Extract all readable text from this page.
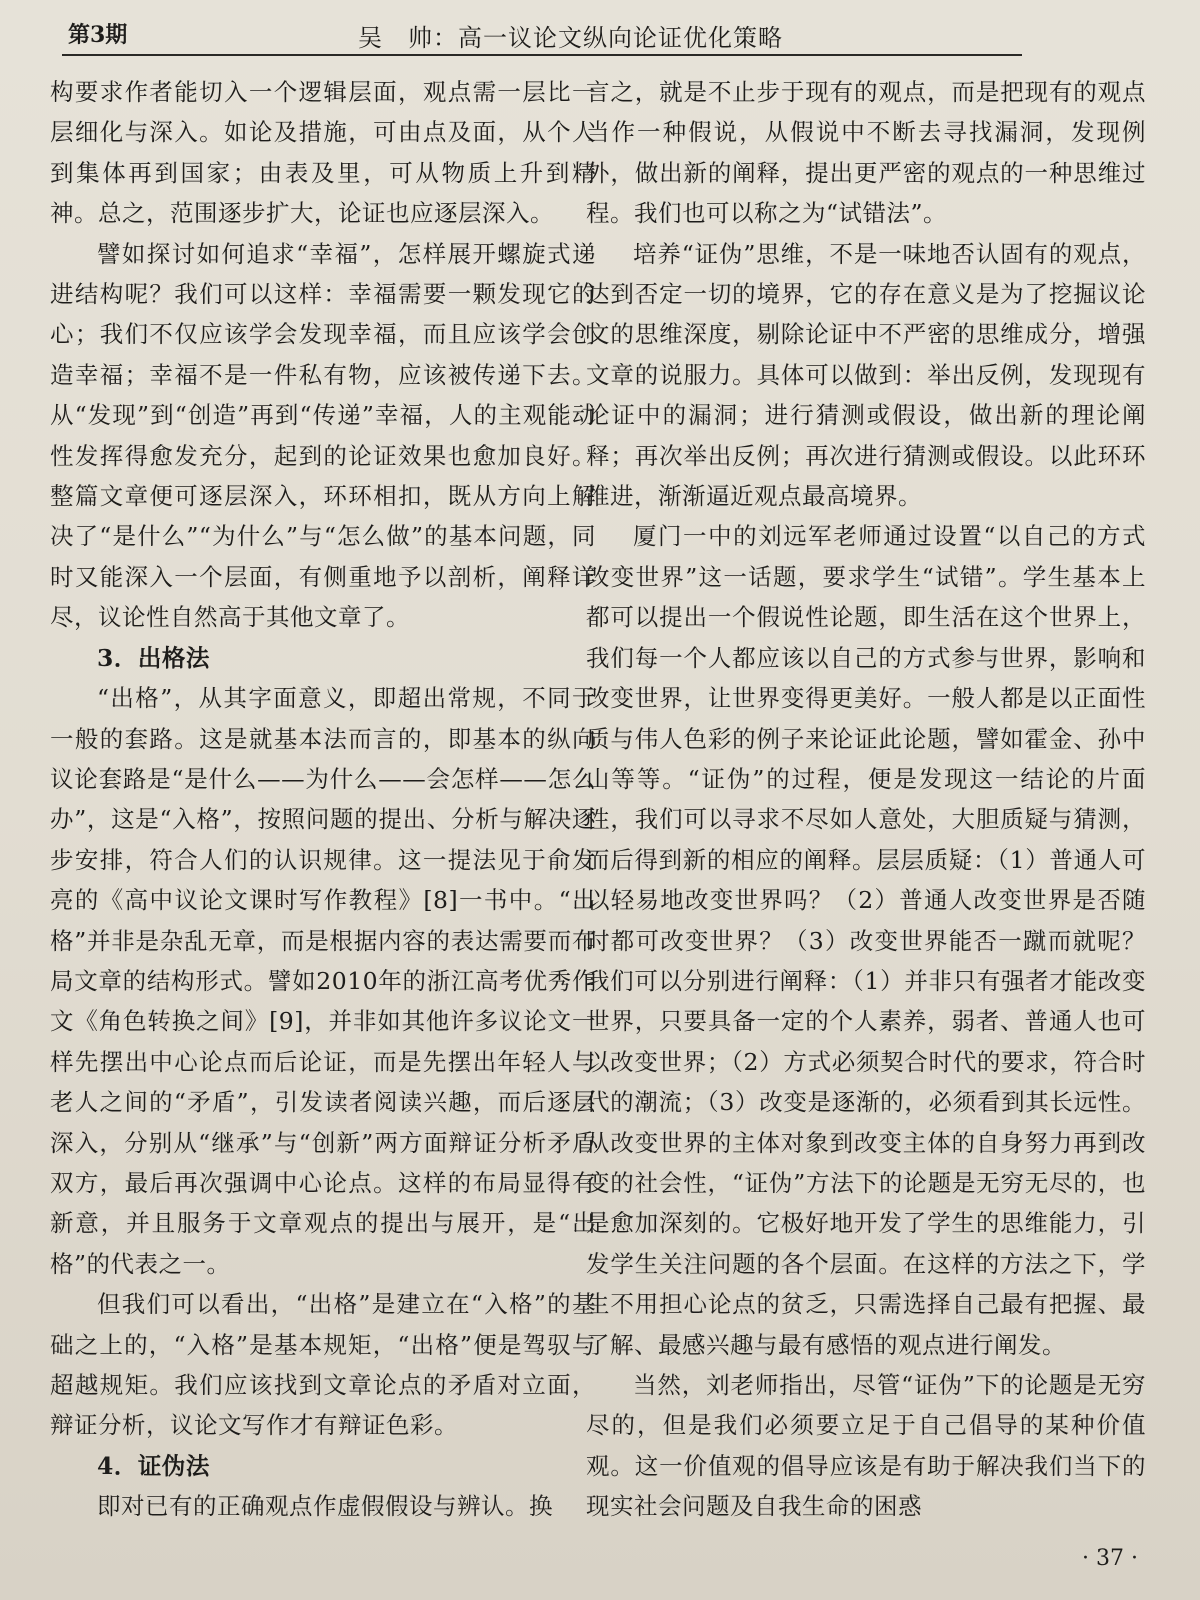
第3期	吴　帅：高一议论文纵向论证优化策略

构要求作者能切入一个逻辑层面，观点需一层比一层细化与深入。如论及措施，可由点及面，从个人到集体再到国家；由表及里，可从物质上升到精神。总之，范围逐步扩大，论证也应逐层深入。

譬如探讨如何追求“幸福”，怎样展开螺旋式递进结构呢？我们可以这样：幸福需要一颗发现它的心；我们不仅应该学会发现幸福，而且应该学会创造幸福；幸福不是一件私有物，应该被传递下去。从“发现”到“创造”再到“传递”幸福，人的主观能动性发挥得愈发充分，起到的论证效果也愈加良好。整篇文章便可逐层深入，环环相扣，既从方向上解决了“是什么”“为什么”与“怎么做”的基本问题，同时又能深入一个层面，有侧重地予以剖析，阐释详尽，议论性自然高于其他文章了。

3．出格法

“出格”，从其字面意义，即超出常规，不同于一般的套路。这是就基本法而言的，即基本的纵向议论套路是“是什么——为什么——会怎样——怎么办”，这是“入格”，按照问题的提出、分析与解决逐步安排，符合人们的认识规律。这一提法见于俞发亮的《高中议论文课时写作教程》[8]一书中。“出格”并非是杂乱无章，而是根据内容的表达需要而布局文章的结构形式。譬如2010年的浙江高考优秀作文《角色转换之间》[9]，并非如其他许多议论文一样先摆出中心论点而后论证，而是先摆出年轻人与老人之间的“矛盾”，引发读者阅读兴趣，而后逐层深入，分别从“继承”与“创新”两方面辩证分析矛盾双方，最后再次强调中心论点。这样的布局显得有新意，并且服务于文章观点的提出与展开，是“出格”的代表之一。

但我们可以看出，“出格”是建立在“入格”的基础之上的，“入格”是基本规矩，“出格”便是驾驭与超越规矩。我们应该找到文章论点的矛盾对立面，辩证分析，议论文写作才有辩证色彩。

4．证伪法

即对已有的正确观点作虚假假设与辨认。换

言之，就是不止步于现有的观点，而是把现有的观点当作一种假说，从假说中不断去寻找漏洞，发现例外，做出新的阐释，提出更严密的观点的一种思维过程。我们也可以称之为“试错法”。

培养“证伪”思维，不是一味地否认固有的观点，达到否定一切的境界，它的存在意义是为了挖掘议论文的思维深度，剔除论证中不严密的思维成分，增强文章的说服力。具体可以做到：举出反例，发现现有论证中的漏洞；进行猜测或假设，做出新的理论阐释；再次举出反例；再次进行猜测或假设。以此环环推进，渐渐逼近观点最高境界。

厦门一中的刘远军老师通过设置“以自己的方式改变世界”这一话题，要求学生“试错”。学生基本上都可以提出一个假说性论题，即生活在这个世界上，我们每一个人都应该以自己的方式参与世界，影响和改变世界，让世界变得更美好。一般人都是以正面性质与伟人色彩的例子来论证此论题，譬如霍金、孙中山等等。“证伪”的过程，便是发现这一结论的片面性，我们可以寻求不尽如人意处，大胆质疑与猜测，而后得到新的相应的阐释。层层质疑：（1）普通人可以轻易地改变世界吗？（2）普通人改变世界是否随时都可改变世界？（3）改变世界能否一蹴而就呢？我们可以分别进行阐释：（1）并非只有强者才能改变世界，只要具备一定的个人素养，弱者、普通人也可以改变世界；（2）方式必须契合时代的要求，符合时代的潮流；（3）改变是逐渐的，必须看到其长远性。从改变世界的主体对象到改变主体的自身努力再到改变的社会性，“证伪”方法下的论题是无穷无尽的，也是愈加深刻的。它极好地开发了学生的思维能力，引发学生关注问题的各个层面。在这样的方法之下，学生不用担心论点的贫乏，只需选择自己最有把握、最了解、最感兴趣与最有感悟的观点进行阐发。

当然，刘老师指出，尽管“证伪”下的论题是无穷尽的，但是我们必须要立足于自己倡导的某种价值观。这一价值观的倡导应该是有助于解决我们当下的现实社会问题及自我生命的困惑

· 37 ·
